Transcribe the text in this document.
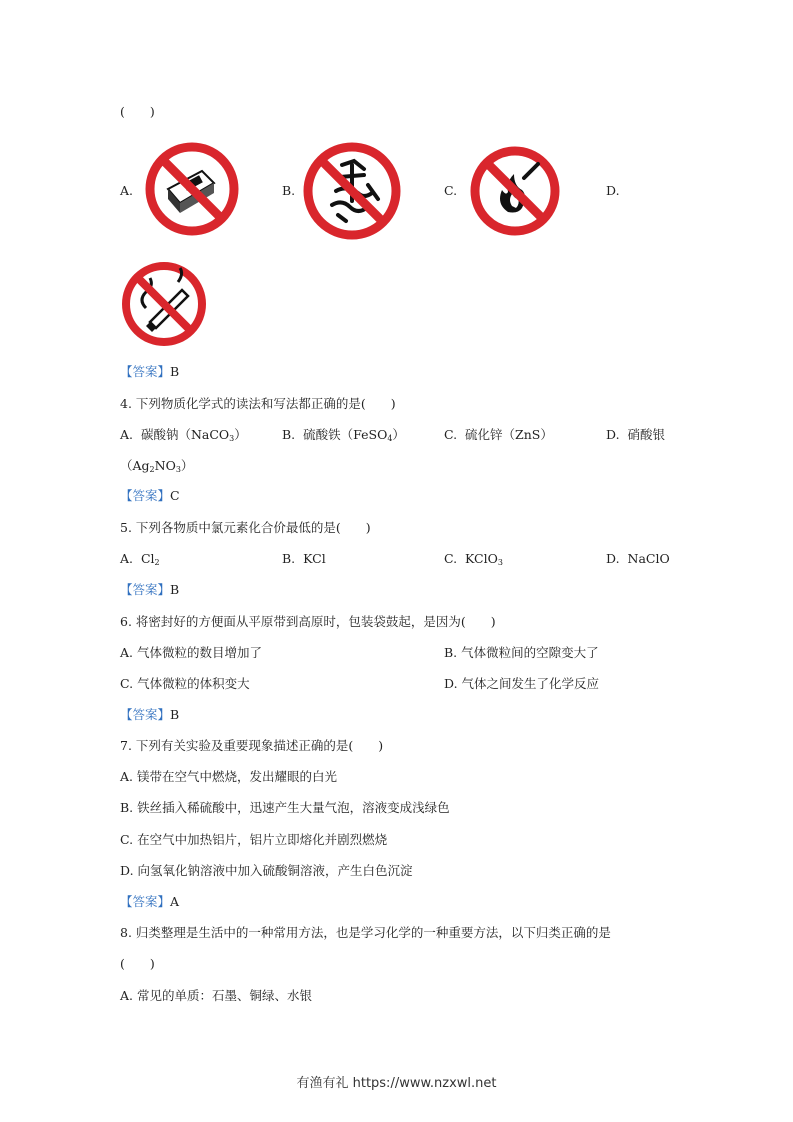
(　　)
A.	B.	C.	D.
【答案】B
4. 下列物质化学式的读法和写法都正确的是(　　)
A. 碳酸钠（NaCO$_3$）	B. 硫酸铁（FeSO$_4$）	C. 硫化锌（ZnS）	D. 硝酸银
$(Ag_2NO_3)$
【答案】C
5. 下列各物质中氯元素化合价最低的是(　　)
A. $Cl_2$	B. KCl	C. KClO$_3$	D. NaClO
【答案】B
6. 将密封好的方便面从平原带到高原时，包装袋鼓起，是因为(　　)
A. 气体微粒的数目增加了	B. 气体微粒间的空隙变大了
C. 气体微粒的体积变大	D. 气体之间发生了化学反应
【答案】B
7. 下列有关实验及重要现象描述正确的是(　　)
A. 镁带在空气中燃烧，发出耀眼的白光
B. 铁丝插入稀硫酸中，迅速产生大量气泡，溶液变成浅绿色
C. 在空气中加热铝片，铝片立即熔化并剧烈燃烧
D. 向氢氧化钠溶液中加入硫酸铜溶液，产生白色沉淀
【答案】A
8. 归类整理是生活中的一种常用方法，也是学习化学的一种重要方法，以下归类正确的是
(　　)
A. 常见的单质：石墨、铜绿、水银
有渔有礼 https://www.nzxwl.net
